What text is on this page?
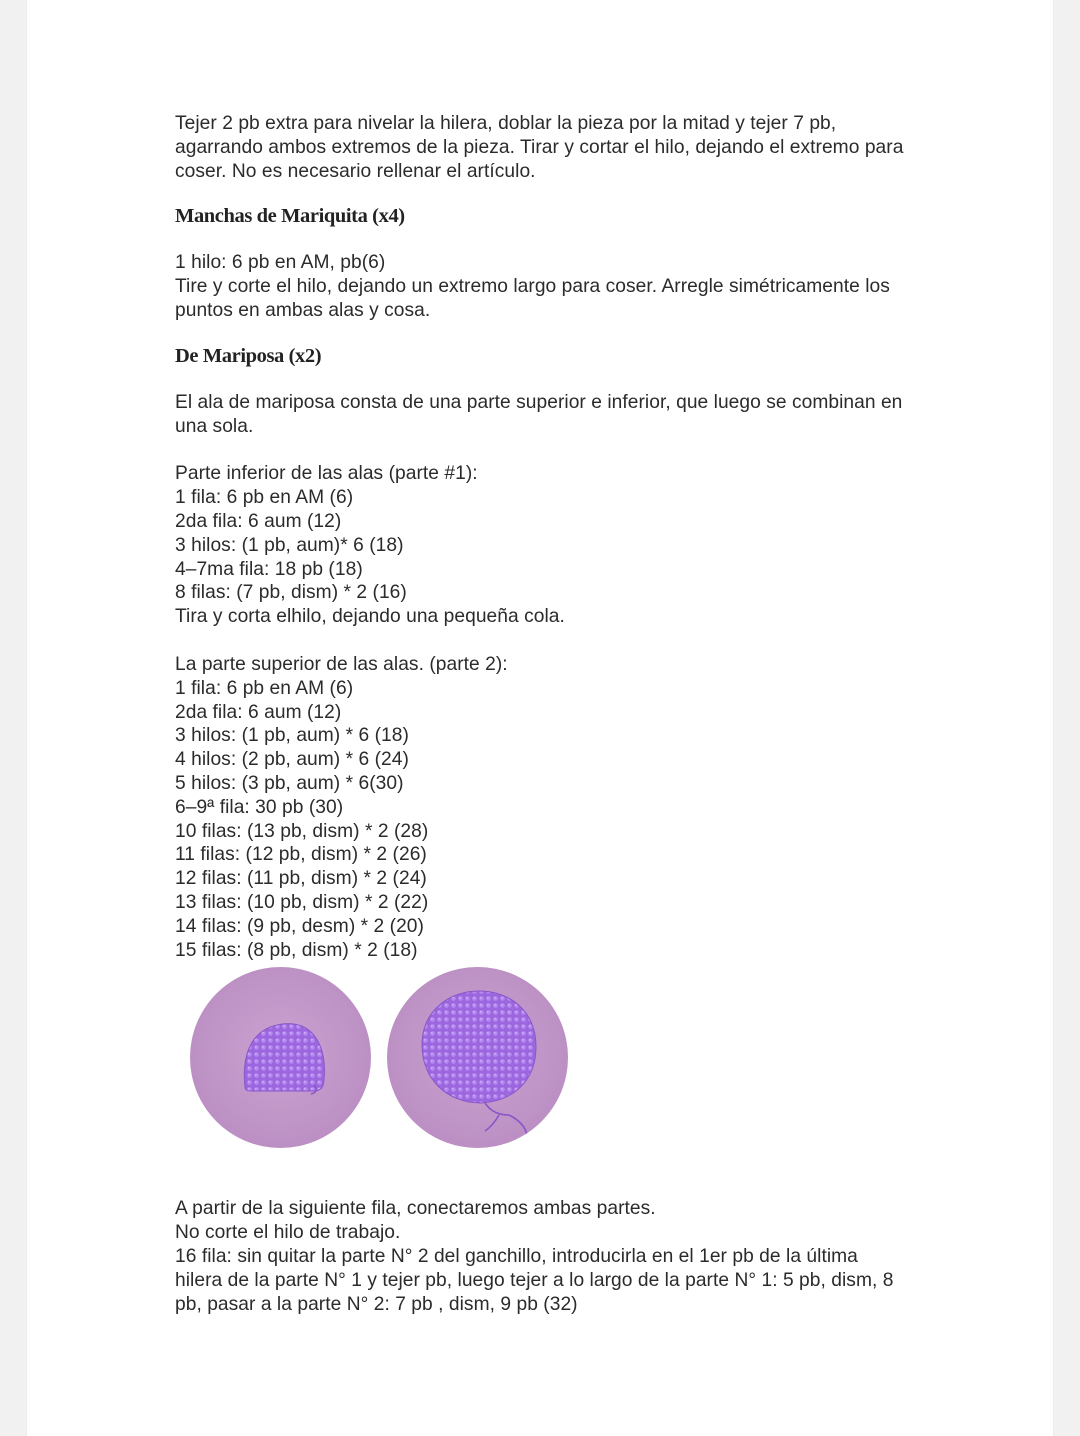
Tejer 2 pb extra para nivelar la hilera, doblar la pieza por la mitad y tejer 7 pb,
agarrando ambos extremos de la pieza. Tirar y cortar el hilo, dejando el extremo para
coser. No es necesario rellenar el artículo.

Manchas de Mariquita (x4)

1 hilo: 6 pb en AM, pb(6)
Tire y corte el hilo, dejando un extremo largo para coser. Arregle simétricamente los
puntos en ambas alas y cosa.

De Mariposa (x2)

El ala de mariposa consta de una parte superior e inferior, que luego se combinan en
una sola.

Parte inferior de las alas (parte #1):
1 fila: 6 pb en AM (6)
2da fila: 6 aum (12)
3 hilos: (1 pb, aum)* 6 (18)
4–7ma fila: 18 pb (18)
8 filas: (7 pb, dism) * 2 (16)
Tira y corta elhilo, dejando una pequeña cola.

La parte superior de las alas. (parte 2):
1 fila: 6 pb en AM (6)
2da fila: 6 aum (12)
3 hilos: (1 pb, aum) * 6 (18)
4 hilos: (2 pb, aum) * 6 (24)
5 hilos: (3 pb, aum) * 6(30)
6–9ª fila: 30 pb (30)
10 filas: (13 pb, dism) * 2 (28)
11 filas: (12 pb, dism) * 2 (26)
12 filas: (11 pb, dism) * 2 (24)
13 filas: (10 pb, dism) * 2 (22)
14 filas: (9 pb, desm) * 2 (20)
15 filas: (8 pb, dism) * 2 (18)

A partir de la siguiente fila, conectaremos ambas partes.
No corte el hilo de trabajo.
16 fila: sin quitar la parte N° 2 del ganchillo, introducirla en el 1er pb de la última
hilera de la parte N° 1 y tejer pb, luego tejer a lo largo de la parte N° 1: 5 pb, dism, 8
pb, pasar a la parte N° 2: 7 pb , dism, 9 pb (32)
